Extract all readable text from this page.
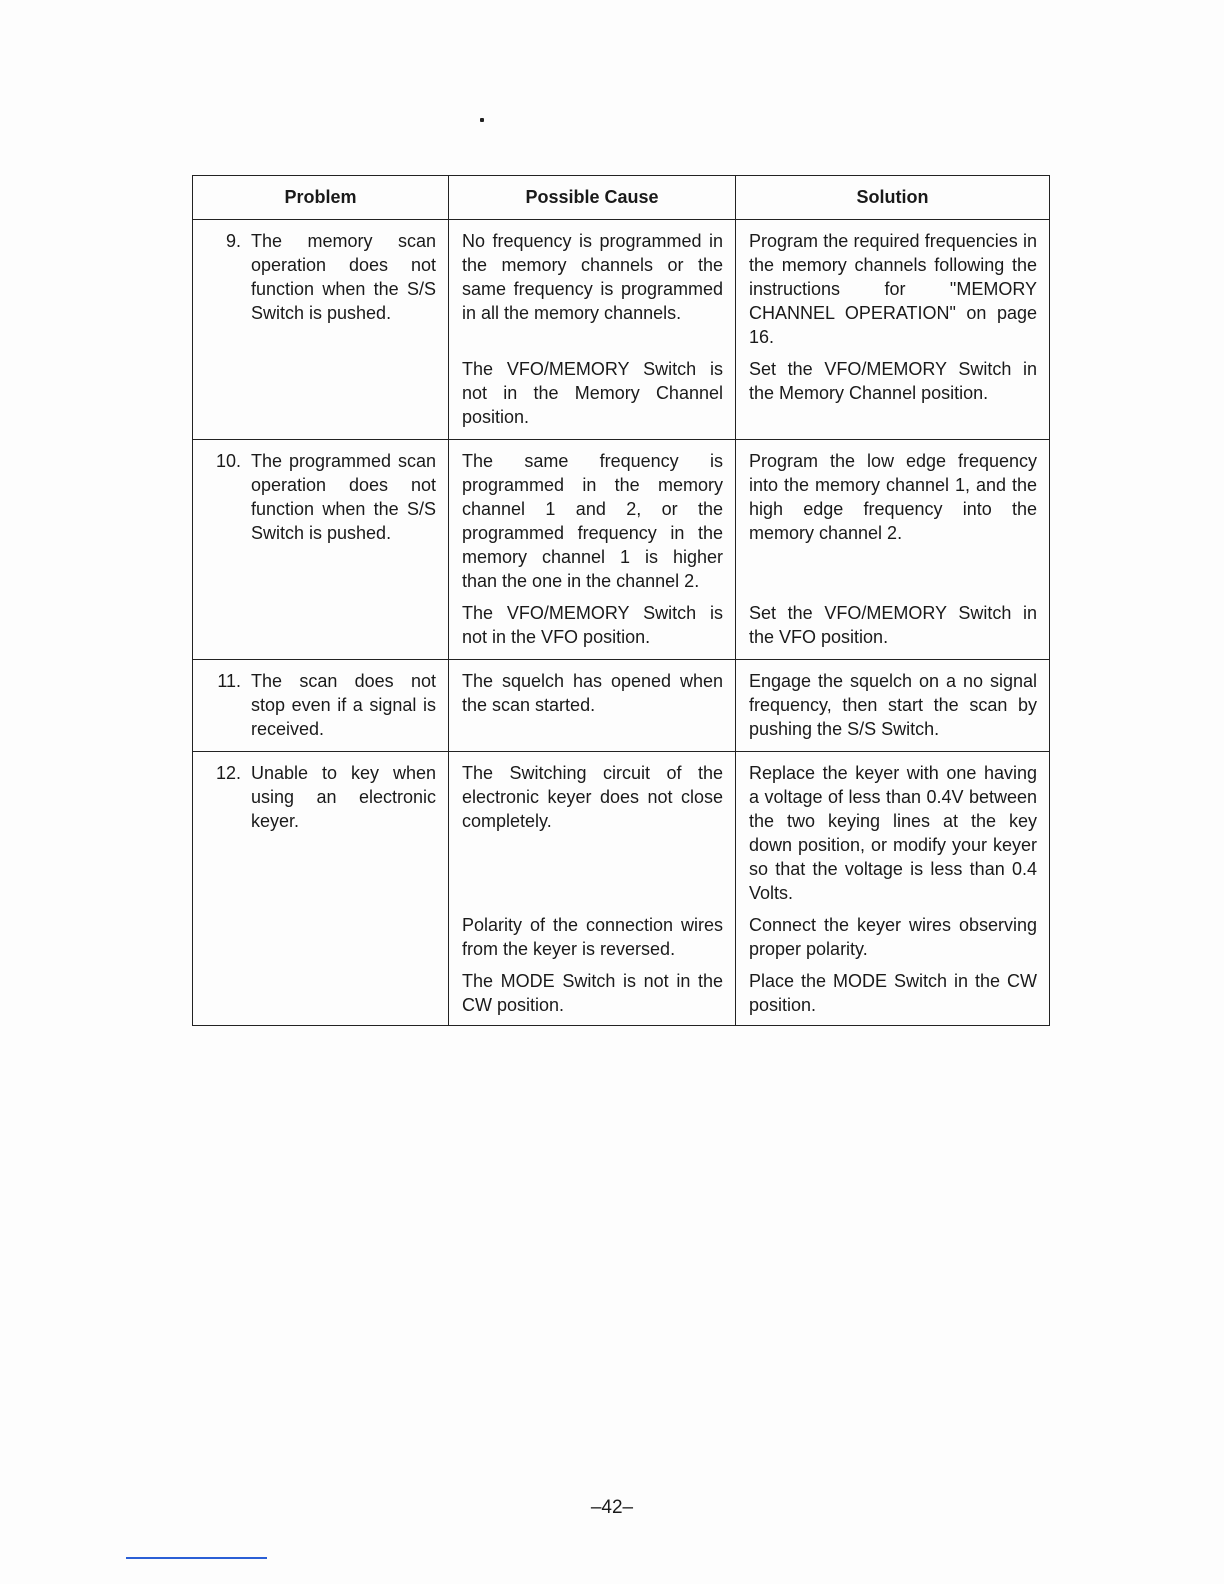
Problem	Possible Cause	Solution
9. The memory scan operation does not function when the S/S Switch is pushed.
No frequency is programmed in the memory channels or the same frequency is programmed in all the memory channels.
Program the required frequencies in the memory channels following the instructions for "MEMORY CHANNEL OPERATION" on page 16.
The VFO/MEMORY Switch is not in the Memory Channel position.
Set the VFO/MEMORY Switch in the Memory Channel position.
10. The programmed scan operation does not function when the S/S Switch is pushed.
The same frequency is programmed in the memory channel 1 and 2, or the programmed frequency in the memory channel 1 is higher than the one in the channel 2.
Program the low edge frequency into the memory channel 1, and the high edge frequency into the memory channel 2.
The VFO/MEMORY Switch is not in the VFO position.
Set the VFO/MEMORY Switch in the VFO position.
11. The scan does not stop even if a signal is received.
The squelch has opened when the scan started.
Engage the squelch on a no signal frequency, then start the scan by pushing the S/S Switch.
12. Unable to key when using an electronic keyer.
The Switching circuit of the electronic keyer does not close completely.
Replace the keyer with one having a voltage of less than 0.4V between the two keying lines at the key down position, or modify your keyer so that the voltage is less than 0.4 Volts.
Polarity of the connection wires from the keyer is reversed.
Connect the keyer wires observing proper polarity.
The MODE Switch is not in the CW position.
Place the MODE Switch in the CW position.
–42–
